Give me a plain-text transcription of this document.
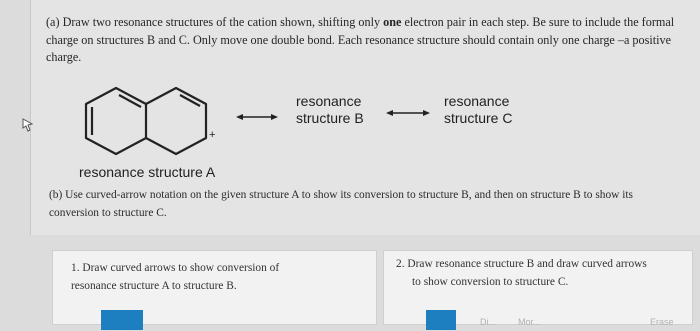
(a) Draw two resonance structures of the cation shown, shifting only one electron pair in each step. Be sure to include the formal charge on structures B and C. Only move one double bond. Each resonance structure should contain only one charge –a positive charge.
+
resonance
structure B
resonance
structure C
resonance structure A
(b) Use curved-arrow notation on the given structure A to show its conversion to structure B, and then on structure B to show its conversion to structure C.
1. Draw curved arrows to show conversion of
resonance structure A to structure B.
2. Draw resonance structure B and draw curved arrows
to show conversion to structure C.
Di... Mor...	Erase
